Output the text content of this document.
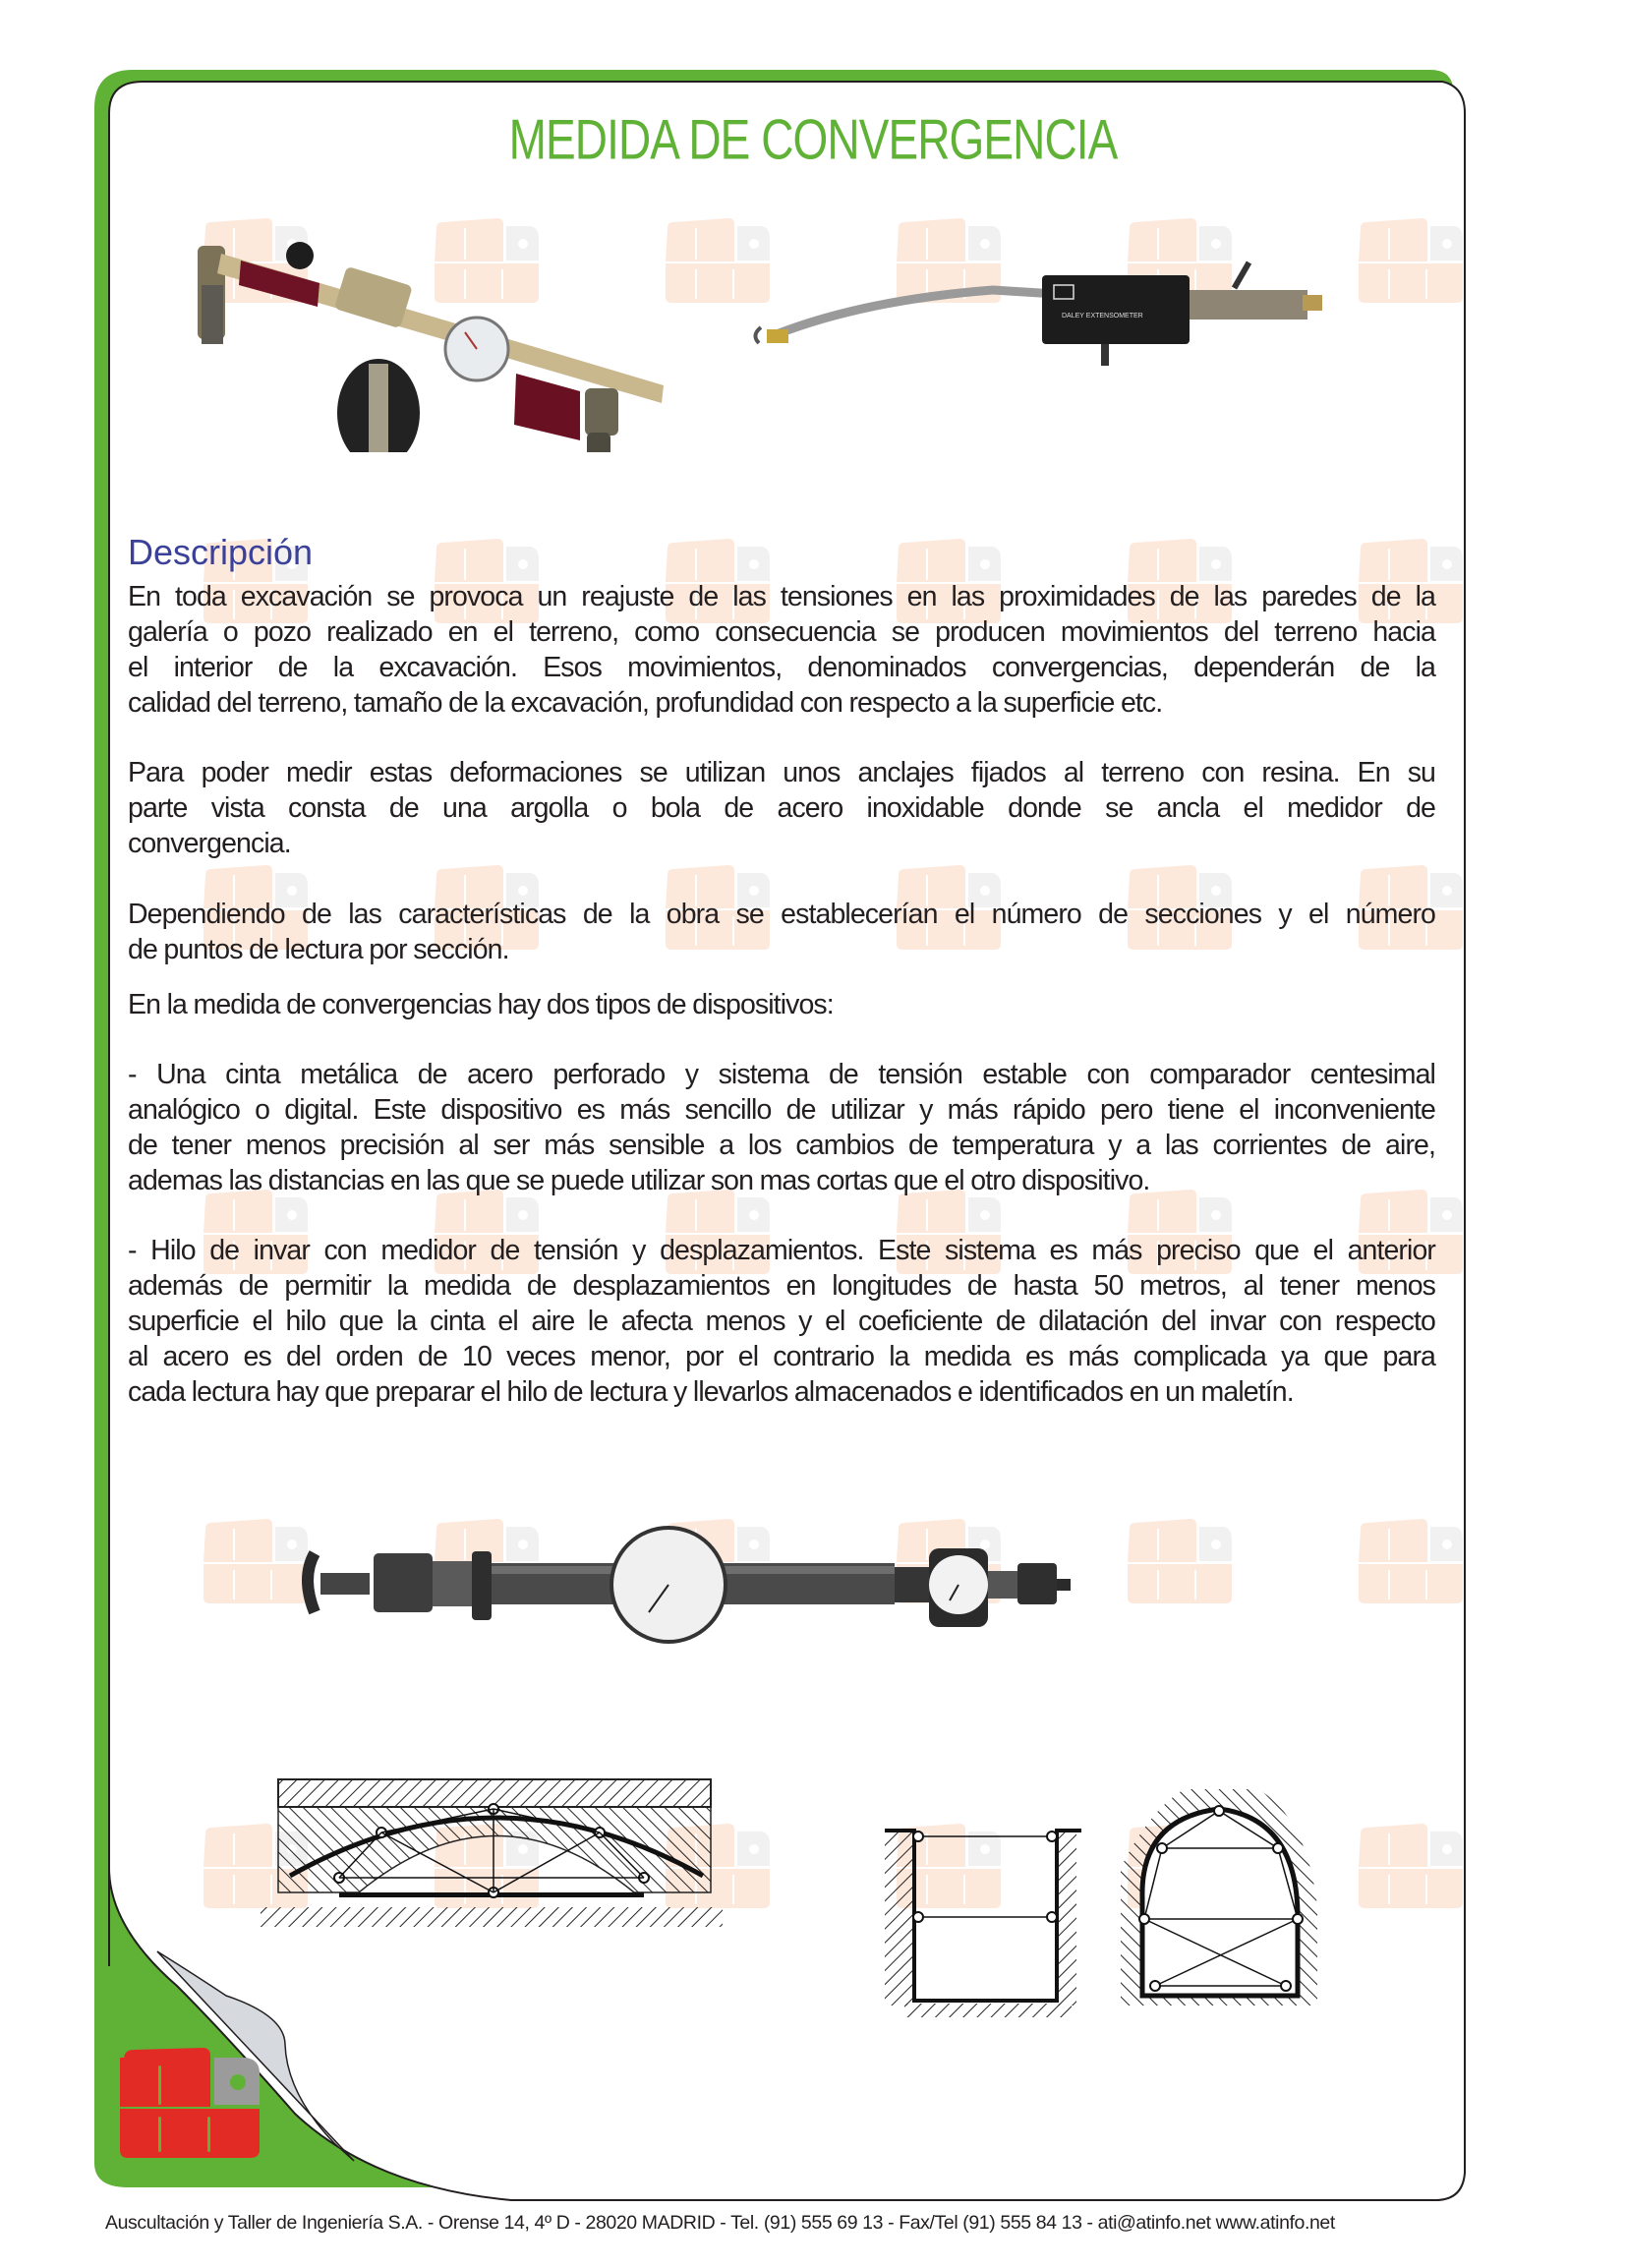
MEDIDA DE CONVERGENCIA
DALEY EXTENSOMETER
Descripción
En toda excavación se provoca un reajuste de las tensiones en las proximidades de las paredes de la
galería o pozo realizado en el terreno, como consecuencia se producen movimientos del terreno hacia
el interior de la excavación. Esos movimientos, denominados convergencias, dependerán de la
calidad del terreno, tamaño de la excavación, profundidad con respecto a la superficie etc.
Para poder medir estas deformaciones se utilizan unos anclajes fijados al terreno con resina. En su
parte vista consta de una argolla o bola de acero inoxidable donde se ancla el medidor de
convergencia.
Dependiendo de las características de la obra se establecerían el número de secciones y el número
de puntos de lectura por sección.
En la medida de convergencias hay dos tipos de dispositivos:
- Una cinta metálica de acero perforado y sistema de tensión estable con comparador centesimal
analógico o digital. Este dispositivo es más sencillo de utilizar y más rápido pero tiene el inconveniente
de tener menos precisión al ser más sensible a los cambios de temperatura y a las corrientes de aire,
ademas las distancias en las que se puede utilizar son mas cortas que el otro dispositivo.
- Hilo de invar con medidor de tensión y desplazamientos. Este sistema es más preciso que el anterior
además de permitir la medida de desplazamientos en longitudes de hasta 50 metros, al tener menos
superficie el hilo que la cinta el aire le afecta menos y el coeficiente de dilatación del invar con respecto
al acero es del orden de 10 veces menor, por el contrario la medida es más complicada ya que para
cada lectura hay que preparar el hilo de lectura y llevarlos almacenados e identificados en un maletín.
Auscultación y Taller de Ingeniería S.A. - Orense 14, 4º D - 28020 MADRID - Tel. (91) 555 69 13 - Fax/Tel (91) 555 84 13 - ati@atinfo.net www.atinfo.net
